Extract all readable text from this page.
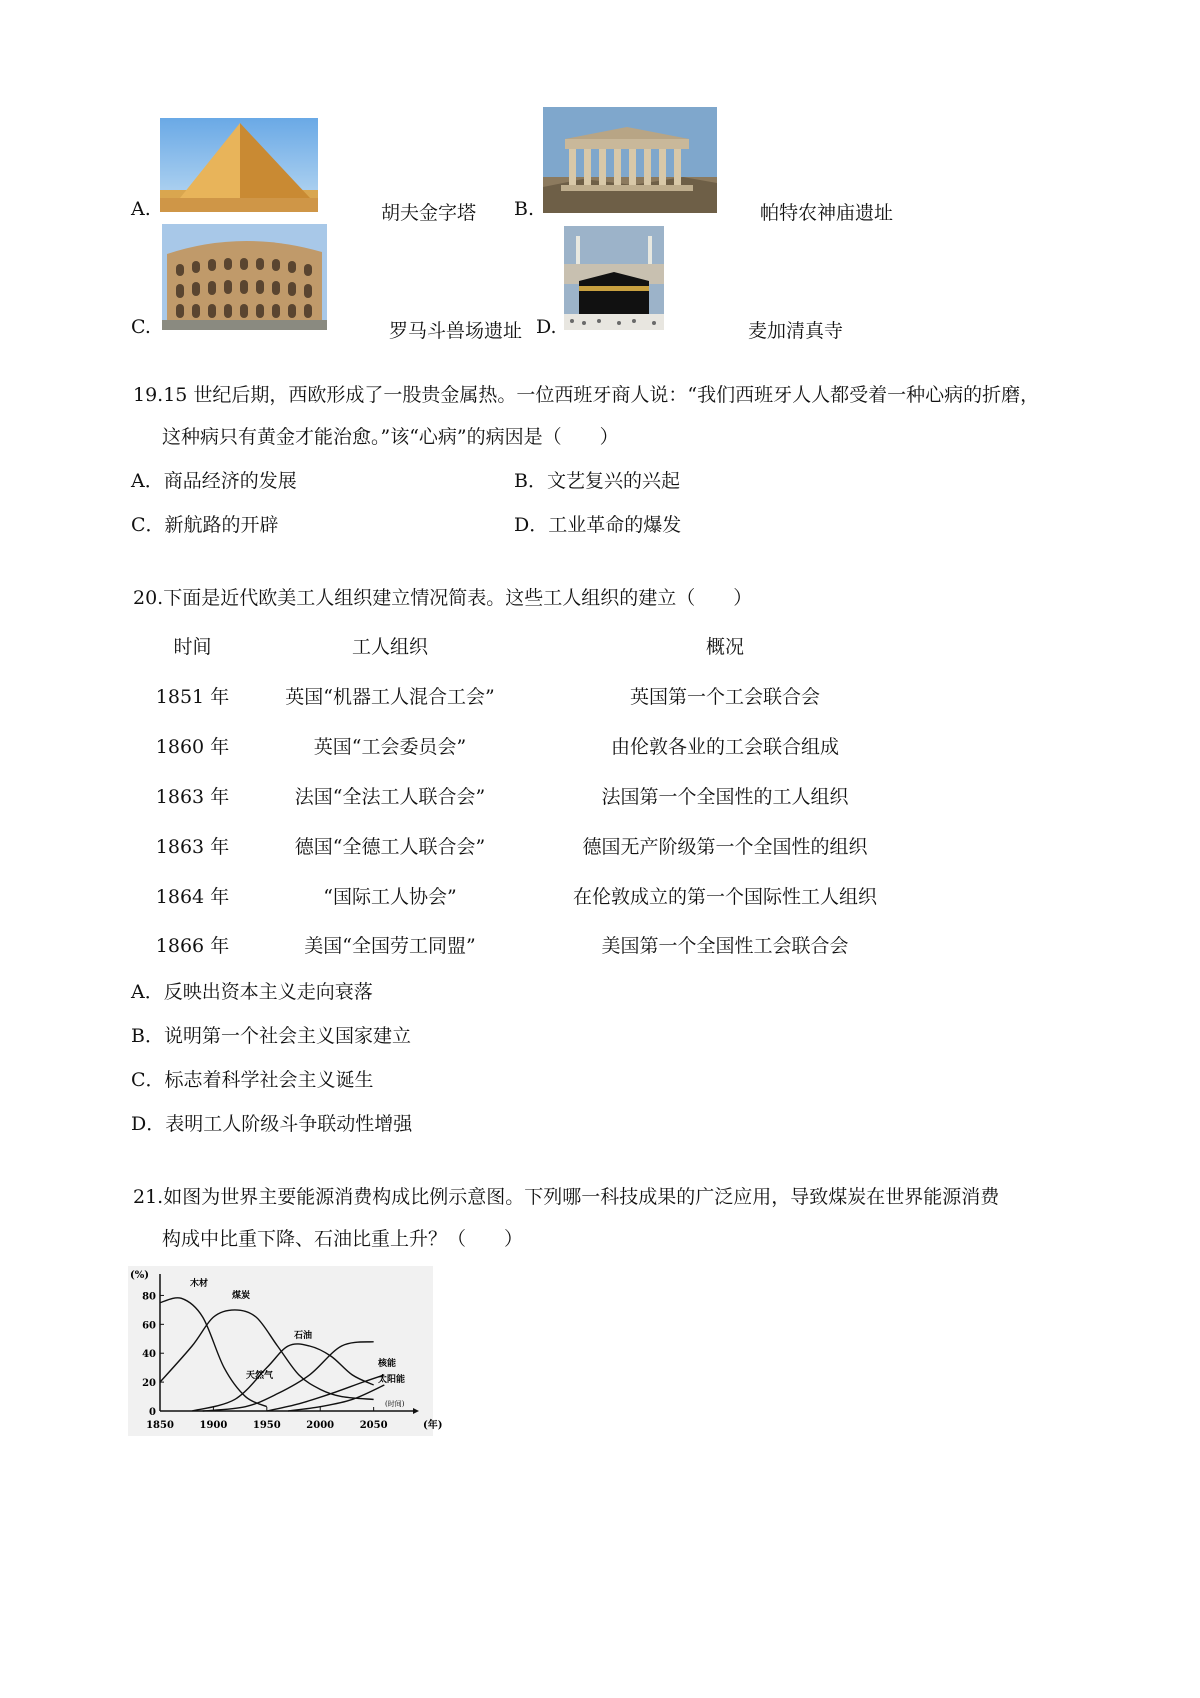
A.	胡夫金字塔 B.	帕特农神庙遗址
C.	罗马斗兽场遗址 D.	麦加清真寺
19.15 世纪后期，西欧形成了一股贵金属热。一位西班牙商人说：“我们西班牙人人都受着一种心病的折磨，
这种病只有黄金才能治愈。”该“心病”的病因是（　　）
A．商品经济的发展	B．文艺复兴的兴起
C．新航路的开辟	D．工业革命的爆发
20.下面是近代欧美工人组织建立情况简表。这些工人组织的建立（　　）
时间	工人组织	概况
1851 年	英国“机器工人混合工会”	英国第一个工会联合会
1860 年	英国“工会委员会”	由伦敦各业的工会联合组成
1863 年	法国“全法工人联合会”	法国第一个全国性的工人组织
1863 年	德国“全德工人联合会”	德国无产阶级第一个全国性的组织
1864 年	“国际工人协会”	在伦敦成立的第一个国际性工人组织
1866 年	美国“全国劳工同盟”	美国第一个全国性工会联合会
A．反映出资本主义走向衰落
B．说明第一个社会主义国家建立
C．标志着科学社会主义诞生
D．表明工人阶级斗争联动性增强
21.如图为世界主要能源消费构成比例示意图。下列哪一科技成果的广泛应用，导致煤炭在世界能源消费
构成中比重下降、石油比重上升？（　　）
0
20
40
60
80
1850	1900	1950	2000	2050
(%)
(年)
(时间)
木材
煤炭
石油
天然气
核能
太阳能
